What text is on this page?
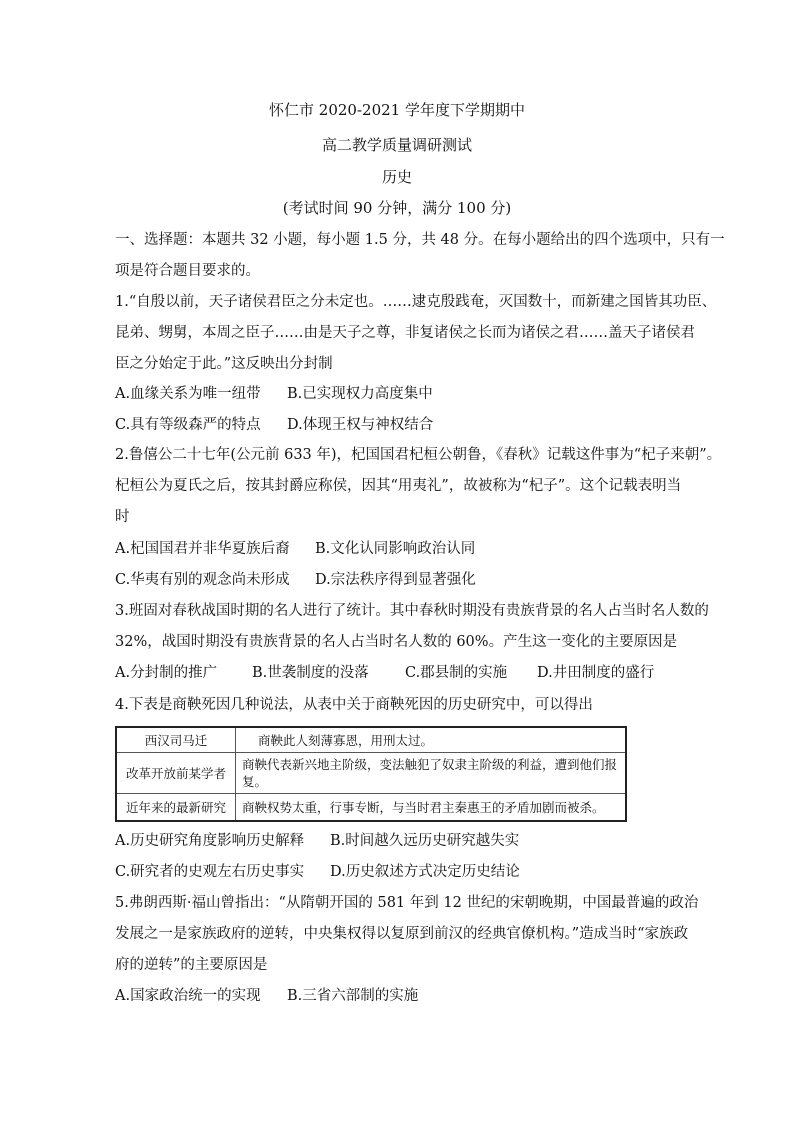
怀仁市 2020-2021 学年度下学期期中
高二教学质量调研测试
历史
(考试时间 90 分钟，满分 100 分)
一、选择题：本题共 32 小题，每小题 1.5 分，共 48 分。在每小题给出的四个选项中，只有一
项是符合题目要求的。
1.“自殷以前，天子诸侯君臣之分未定也。……逮克殷践奄，灭国数十，而新建之国皆其功臣、
昆弟、甥舅，本周之臣子……由是天子之尊，非复诸侯之长而为诸侯之君……盖天子诸侯君
臣之分始定于此。”这反映出分封制
A.血缘关系为唯一纽带 B.已实现权力高度集中
C.具有等级森严的特点 D.体现王权与神权结合
2.鲁僖公二十七年(公元前 633 年)，杞国国君杞桓公朝鲁，《春秋》记载这件事为“杞子来朝”。
杞桓公为夏氏之后，按其封爵应称侯，因其“用夷礼”，故被称为“杞子”。这个记载表明当
时
A.杞国国君并非华夏族后裔 B.文化认同影响政治认同
C.华夷有别的观念尚未形成 D.宗法秩序得到显著强化
3.班固对春秋战国时期的名人进行了统计。其中春秋时期没有贵族背景的名人占当时名人数的
32%，战国时期没有贵族背景的名人占当时名人数的 60%。产生这一变化的主要原因是
A.分封制的推广 B.世袭制度的没落 C.郡县制的实施 D.井田制度的盛行
4.下表是商鞅死因几种说法，从表中关于商鞅死因的历史研究中，可以得出
西汉司马迁	商鞅此人刻薄寡恩，用刑太过。
改革开放前某学者	商鞅代表新兴地主阶级，变法触犯了奴隶主阶级的利益，遭到他们报复。
近年来的最新研究	商鞅权势太重，行事专断，与当时君主秦惠王的矛盾加剧而被杀。
A.历史研究角度影响历史解释 B.时间越久远历史研究越失实
C.研究者的史观左右历史事实 D.历史叙述方式决定历史结论
5.弗朗西斯·福山曾指出：“从隋朝开国的 581 年到 12 世纪的宋朝晚期，中国最普遍的政治
发展之一是家族政府的逆转，中央集权得以复原到前汉的经典官僚机构。”造成当时“家族政
府的逆转”的主要原因是
A.国家政治统一的实现 B.三省六部制的实施
